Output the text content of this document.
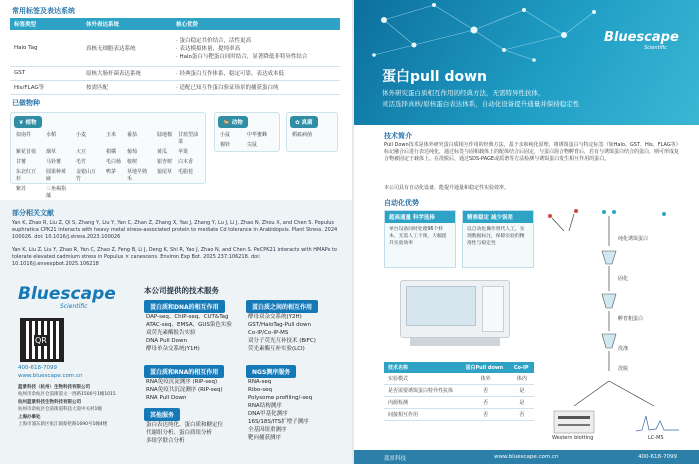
常用标签及表达系统
标签类型	体外表达系统	核心优势
Halo Tag	真核无细胞表达系统	· 蛋白稳定共价结合，活性更高
· 表达模拟体量，提纯率高
· Halo蛋白与靶蛋白同时结合，显著降低非特异性结合

GST	原核大肠杆菌表达系统	· 经典蛋白互作体系，稳定可靠，表达成本低
His/FLAG等	按需匹配	· 适配已知互作蛋白验证场景的捕获蛋白纯
已做物种
❦ 植物
拟南芥	水稻	小麦	玉米	番茄	陆地棉 甘蓝型油菜
紫花苜蓿	烟草	大豆	柑橘	葡萄	黄瓜	苹果
甘薯	马铃薯	毛竹	毛白杨 桉树	银杏树 白木香
东北红豆杉
圆果种黄麻
金银山万竹
鸭茅	草地早熟禾
狼尾草 毛脂苞
紫苏	三角褐指藻
🐎 动物
小鼠	中华蜜蜂
棉铃	尖鼠
✿ 真菌
稻瘟病菌
部分相关文献
Yan K, Zhao R, Liu Z, Qi S, Zhang Y, Liu Y, Yan C, Zhan Z, Zhang X, Yao J, Zhang Y, Lu J, Li J, Zhao N, Zhou X, and Chen S. Populus euphratica CPK21 interacts with heavy metal stress-associated protein to mediate Cd tolerance in Arabidopsis. Plant Stress. 2024 100026. doi: 10.1016/j.stress.2023.100026
Yan K, Liu Z, Liu Y, Zhao R, Yan C, Zhao Z, Feng B, Li J, Deng K, Shi R, Yao J, Zhao N, and Chen S. PeCPK21 interacts with HMAPs to tolerate elevated cadmium stress in Populus × canescens. Environ Exp Bot. 2025 237:106218. doi: 10.1016/j.envexpbot.2025.106218
Bluescape
Scientific
QR
400-618-7099
www.bluescape.com.cn
蓝景科技（杭州）生物科技有限公司
杭州市余杭区仓前街道文一西路1500号1幢1015
杭州蓝景科技生物科技有限公司
杭州市余杭区仓前街道科技大道中关村1幢
上海办事处
上海市浦东新区张江镇蔡伦路1690号1幢4楼
本公司提供的技术服务
蛋白质和DNA的相互作用
DAP-seq、ChIP-seq、CUT&Tag
ATAC-seq、EMSA、GUS染色实验
双荧光素酶报告实验
DNA Pull Down
酵母单杂交系统(Y1H)
蛋白质和RNA的相互作用
RNA免疫沉淀测序 (RIP-seq)
RNA免疫共沉淀测序 (RIP-seq)
RNA Pull Down
其他服务
蛋白表达纯化、蛋白质和糖定位
代谢组分析、蛋白质组分析
多组学联合分析
蛋白质之间的相互作用
酵母双杂交系统(Y2H)
GST/HaloTag-Pull down
Co-IP/Co-IP-MS
双分子荧光互补技术 (BiFC)
荧光素酶互补实验(LCI)
NGS测序服务
RNA-seq
Ribo-seq
Polysome profiling/-seq
RNA结构测序
DNA甲基化测序
16S/18S/ITS扩增子测序
全基因组重测序
靶向捕获测序
Bluescape
Scientific
蛋白pull down
体外研究蛋白质相互作用的经典方法，无需特异性抗体，
灵活选择真核/原核蛋白表达体系，自动化设备提升通量并保持稳定性
技术简介
Pull Down技术是体外研究蛋白质相互作用的经典方法，基于亲和纯化原理，将诱饵蛋白与特定标签（如Halo、GST、His、FLAG等）标记融合后进行表达纯化，通过标签与固相载体上的配体结合后固定，与蛋白混合物孵育后，若有与诱饵蛋白结合的蛋白，则可形成复合物被固定于载体上。在洗脱后，通过SDS-PAGE或质谱等方法检测与诱饵蛋白发生相互作用的蛋白。
本公司具有自动化设备，能提升通量和稳定性实验效率。
自动化优势
超高通量 科学选择
单台设备同时处理96个样本，无需人工干预，大幅提升实验效率
精准稳定 减少误差
以自动化操作替代人工，实现数据标注，保障实验的精准性与稳定性
纯化诱饵蛋白
固化
孵育粗蛋白
洗涤
洗脱
Western blotting	LC-MS
技术名称	蛋白Pull down	Co-IP
实验模式	体外	体内
是否需要诱饵蛋白特异性抗体	否	是
内源检测	否	是
间接相互作用	否	否
蓝景科技	www.bluescape.com.cn	400-618-7099
